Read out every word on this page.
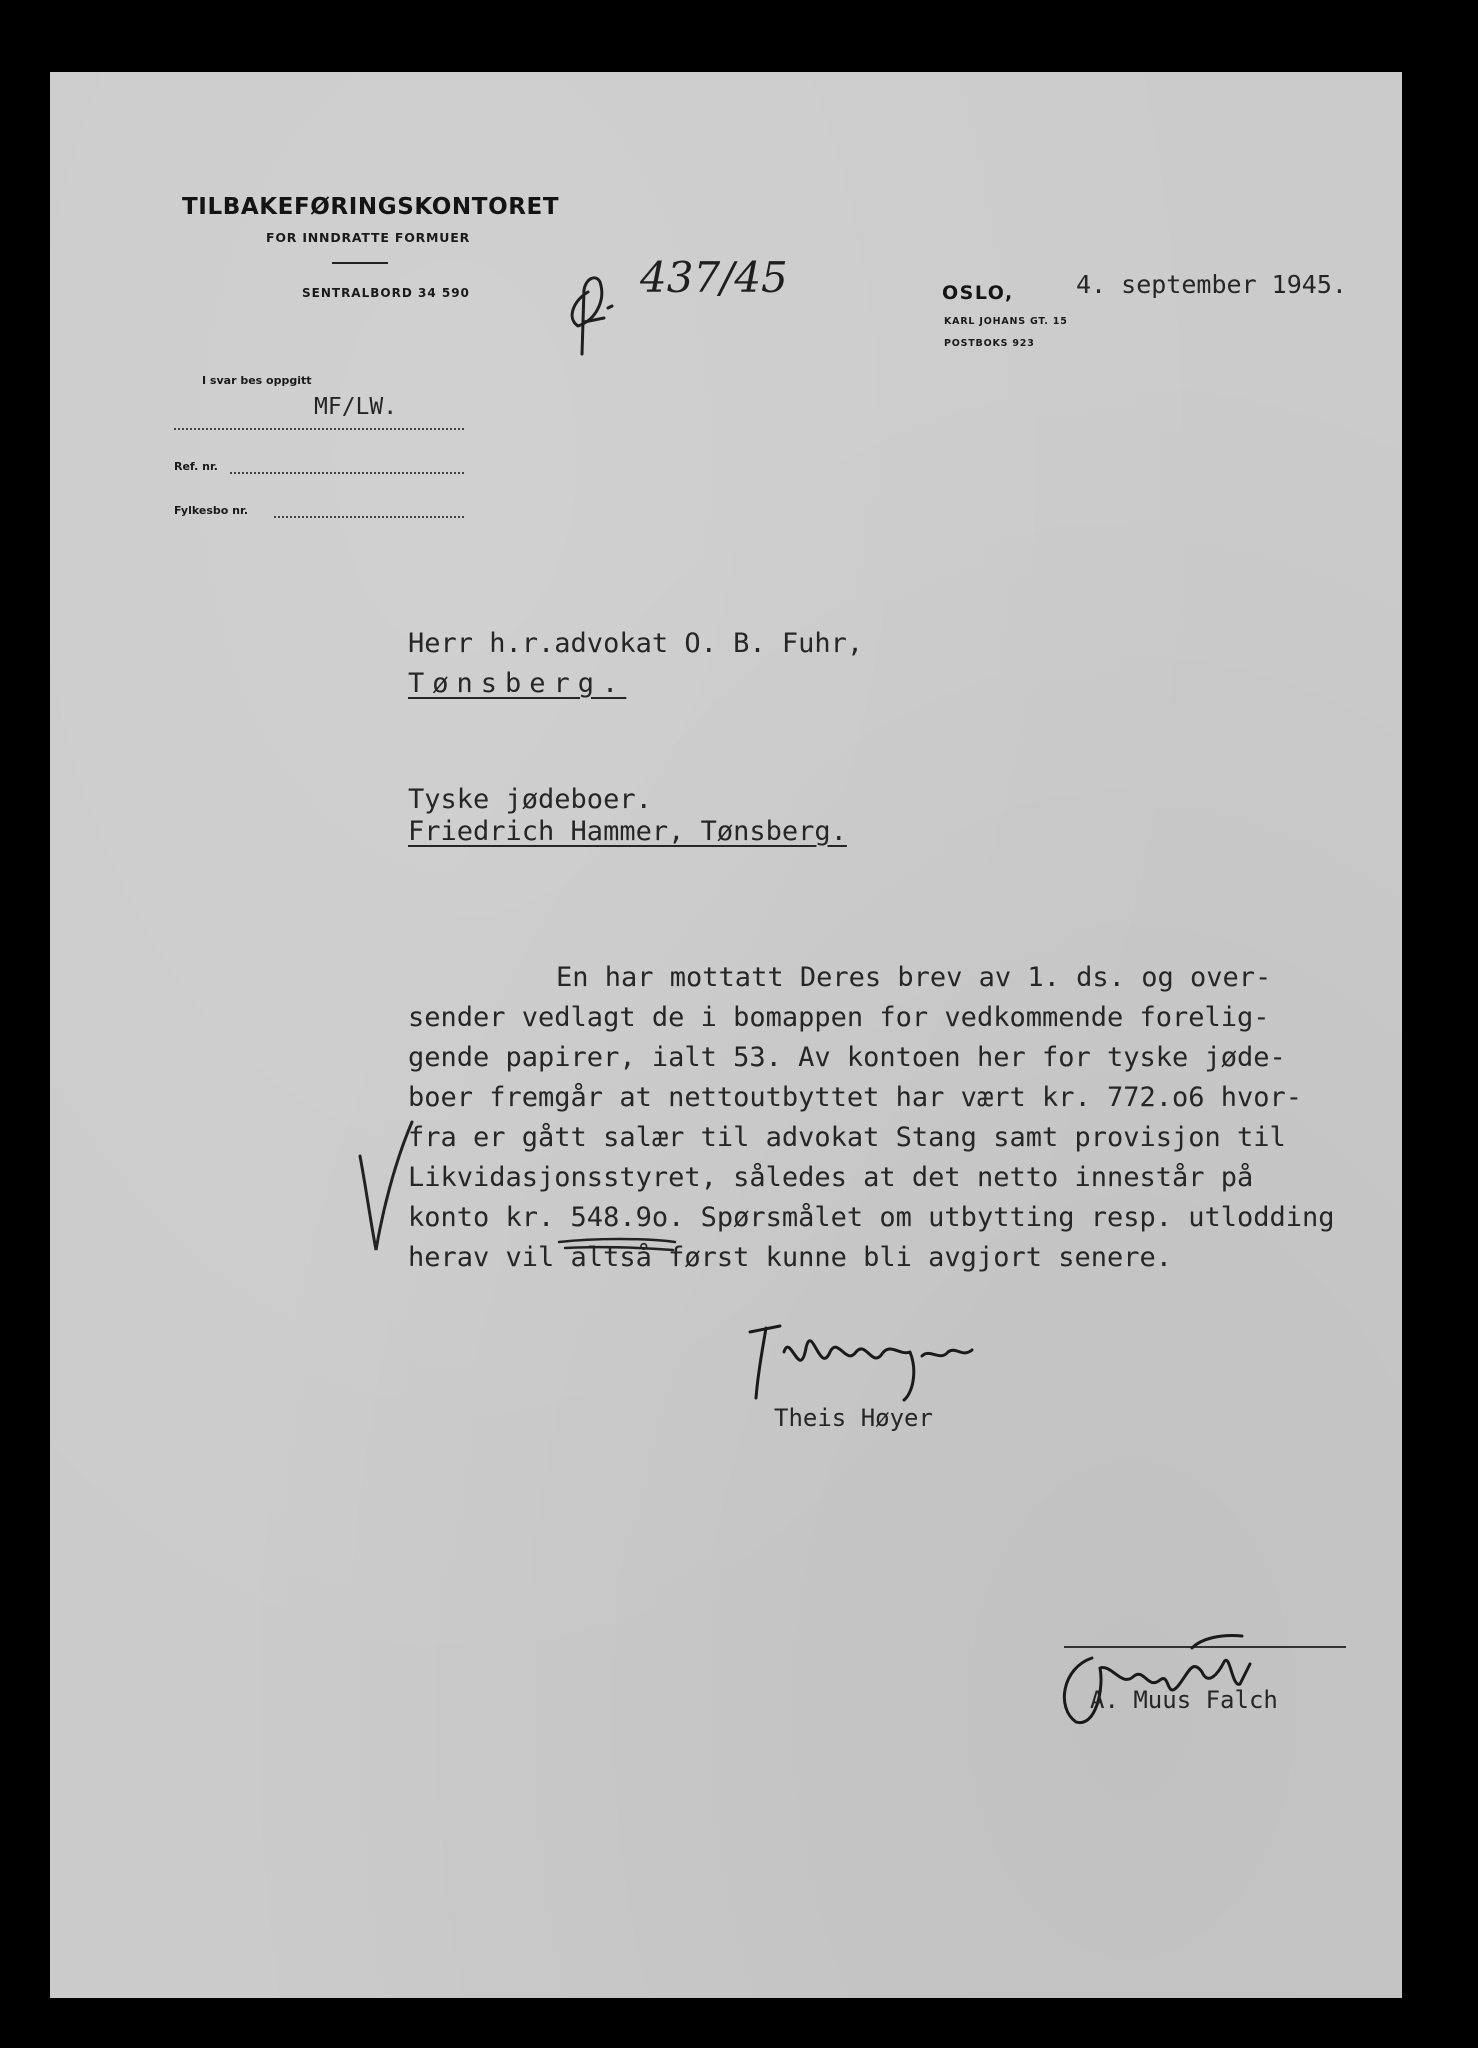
TILBAKEFØRINGSKONTORET
FOR INNDRATTE FORMUER
SENTRALBORD 34 590	437/45	OSLO, 4. september 1945.
KARL JOHANS GT. 15
POSTBOKS 923
I svar bes oppgitt
MF/LW.
Ref. nr.
Fylkesbo nr.
Herr h.r.advokat O. B. Fuhr,
Tønsberg.
Tyske jødeboer.
Friedrich Hammer, Tønsberg.
En har mottatt Deres brev av 1. ds. og over-
sender vedlagt de i bomappen for vedkommende forelig-
gende papirer, ialt 53. Av kontoen her for tyske jøde-
boer fremgår at nettoutbyttet har vært kr. 772.o6 hvor-
fra er gått salær til advokat Stang samt provisjon til
Likvidasjonsstyret, således at det netto innestår på
konto kr. 548.9o. Spørsmålet om utbytting resp. utlodding
herav vil altså først kunne bli avgjort senere.
Theis Høyer
A. Muus Falch
